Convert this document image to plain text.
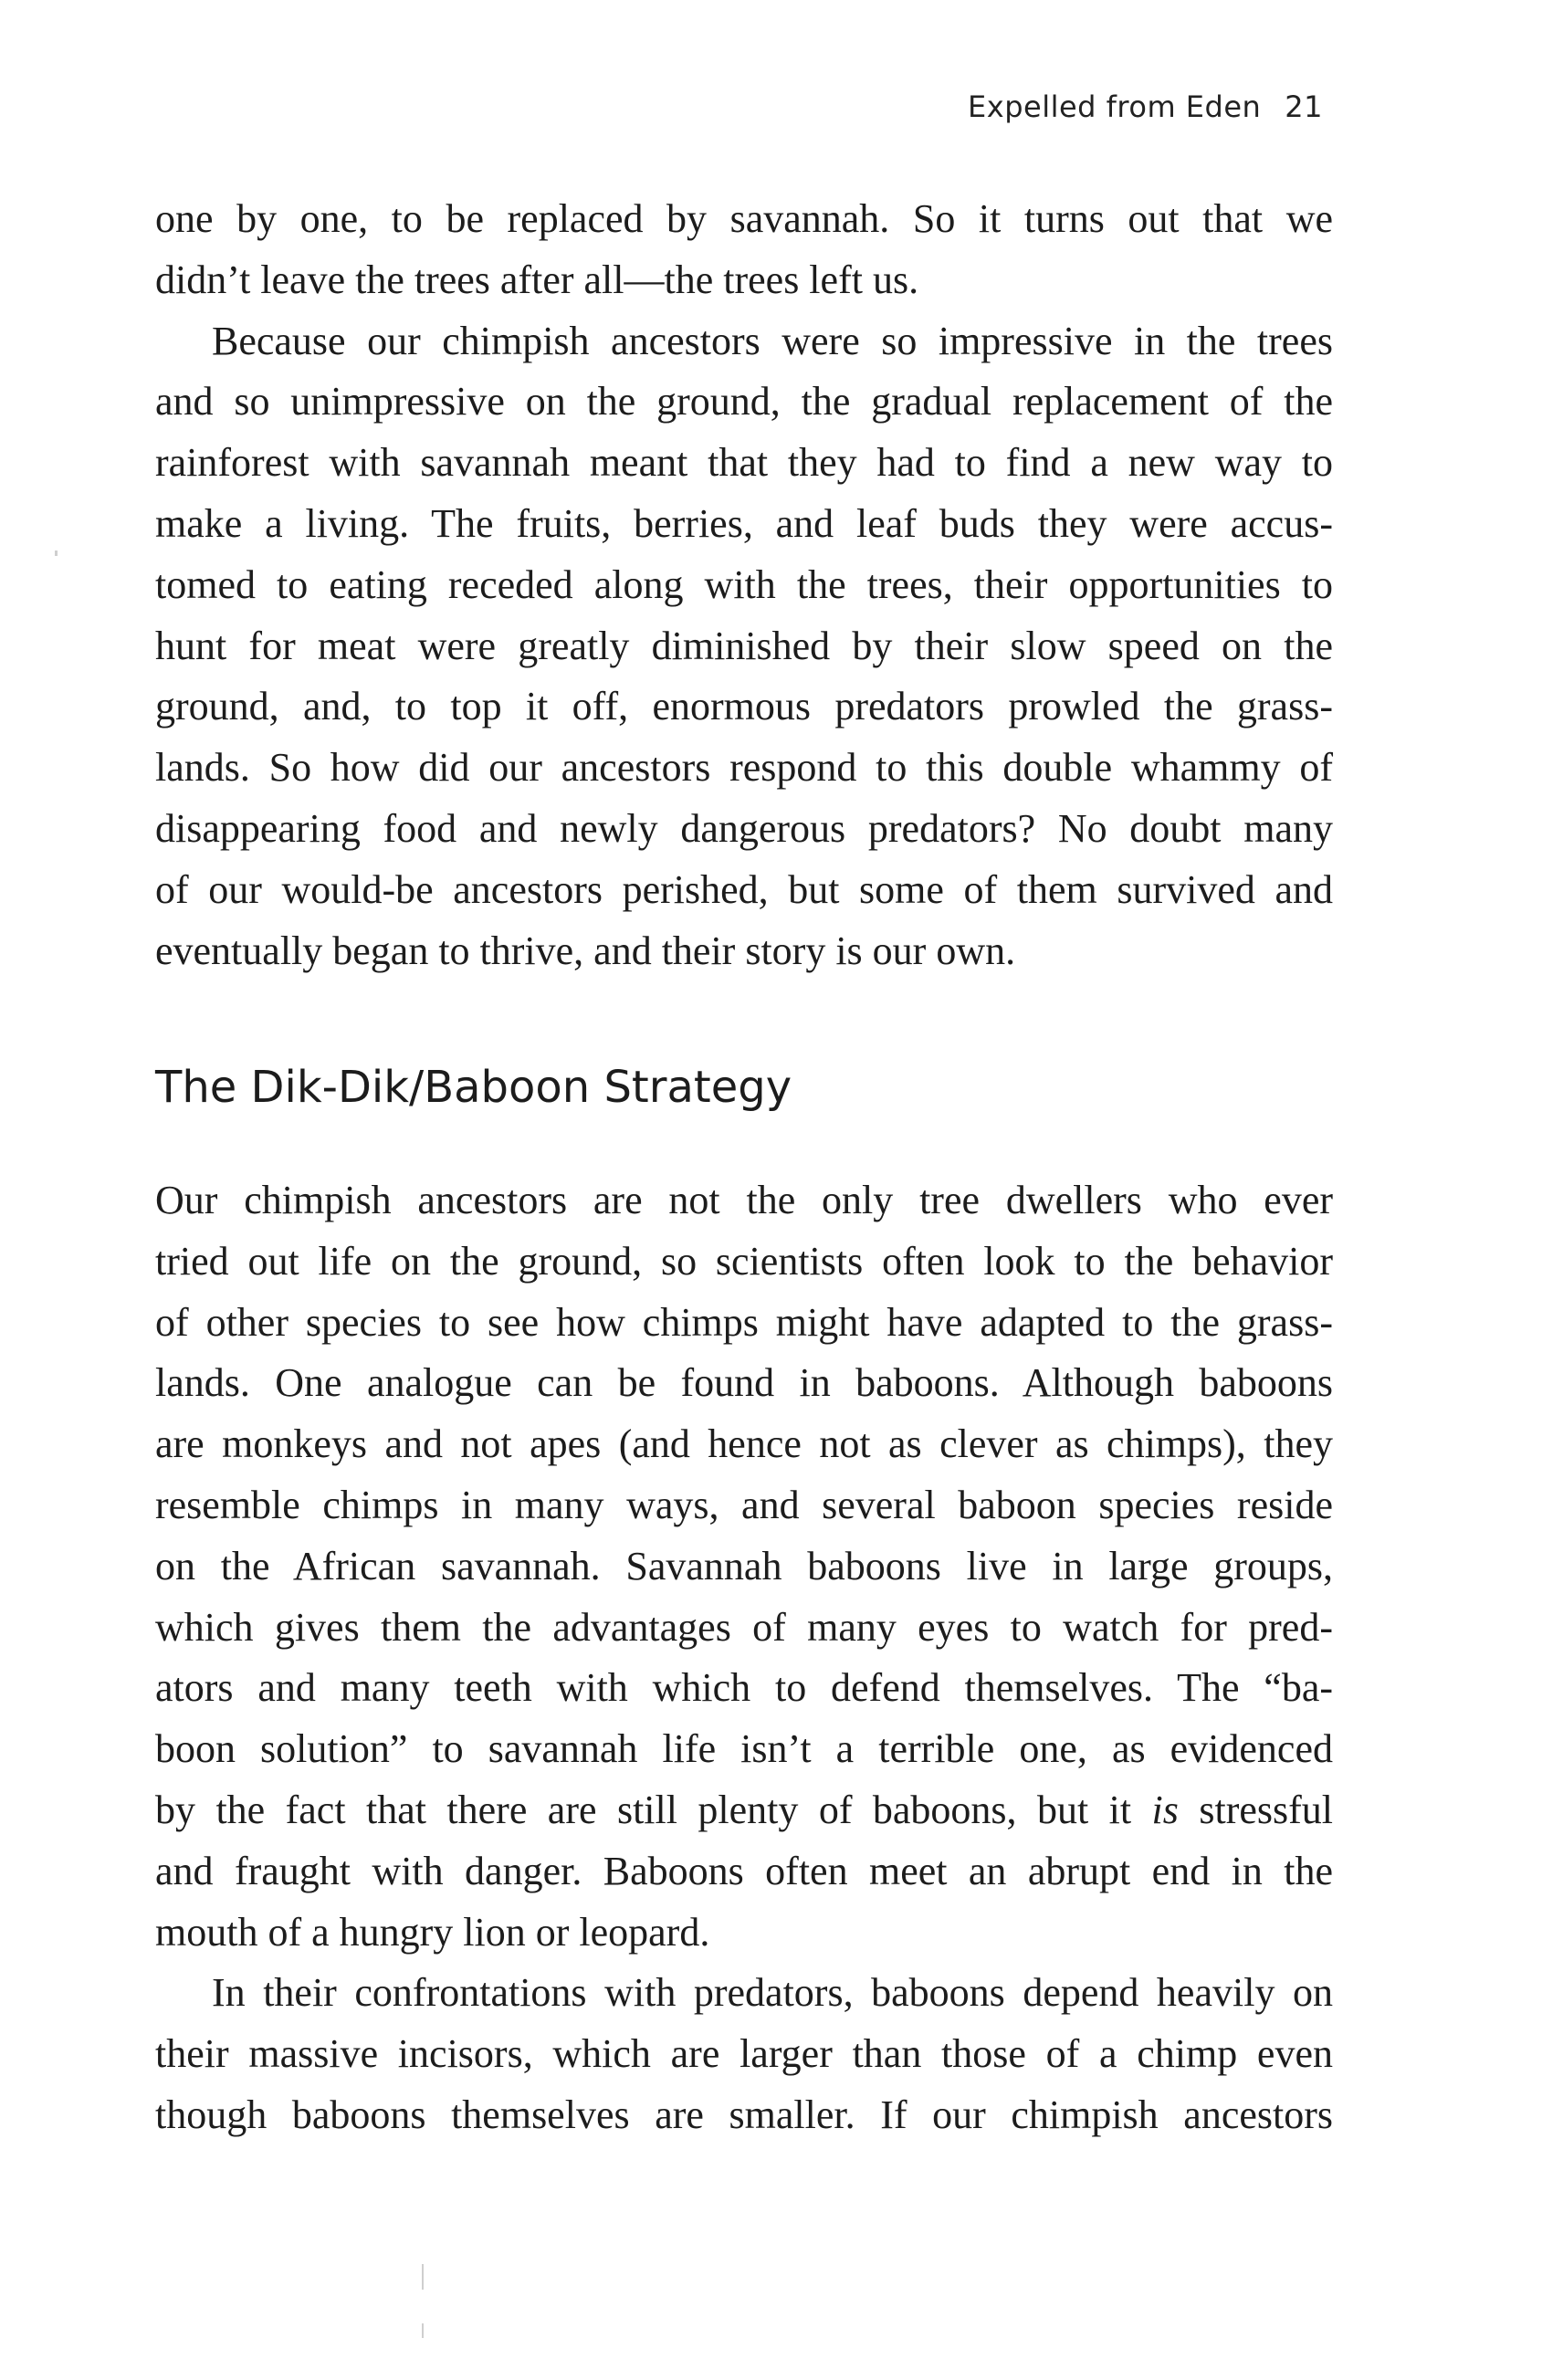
Expelled from Eden 21

one by one, to be replaced by savannah. So it turns out that we
didn’t leave the trees after all—the trees left us.

Because our chimpish ancestors were so impressive in the trees
and so unimpressive on the ground, the gradual replacement of the
rainforest with savannah meant that they had to find a new way to
make a living. The fruits, berries, and leaf buds they were accus-
tomed to eating receded along with the trees, their opportunities to
hunt for meat were greatly diminished by their slow speed on the
ground, and, to top it off, enormous predators prowled the grass-
lands. So how did our ancestors respond to this double whammy of
disappearing food and newly dangerous predators? No doubt many
of our would-be ancestors perished, but some of them survived and
eventually began to thrive, and their story is our own.

The Dik-Dik/Baboon Strategy

Our chimpish ancestors are not the only tree dwellers who ever
tried out life on the ground, so scientists often look to the behavior
of other species to see how chimps might have adapted to the grass-
lands. One analogue can be found in baboons. Although baboons
are monkeys and not apes (and hence not as clever as chimps), they
resemble chimps in many ways, and several baboon species reside
on the African savannah. Savannah baboons live in large groups,
which gives them the advantages of many eyes to watch for pred-
ators and many teeth with which to defend themselves. The “ba-
boon solution” to savannah life isn’t a terrible one, as evidenced
by the fact that there are still plenty of baboons, but it is stressful
and fraught with danger. Baboons often meet an abrupt end in the
mouth of a hungry lion or leopard.

In their confrontations with predators, baboons depend heavily on
their massive incisors, which are larger than those of a chimp even
though baboons themselves are smaller. If our chimpish ancestors
